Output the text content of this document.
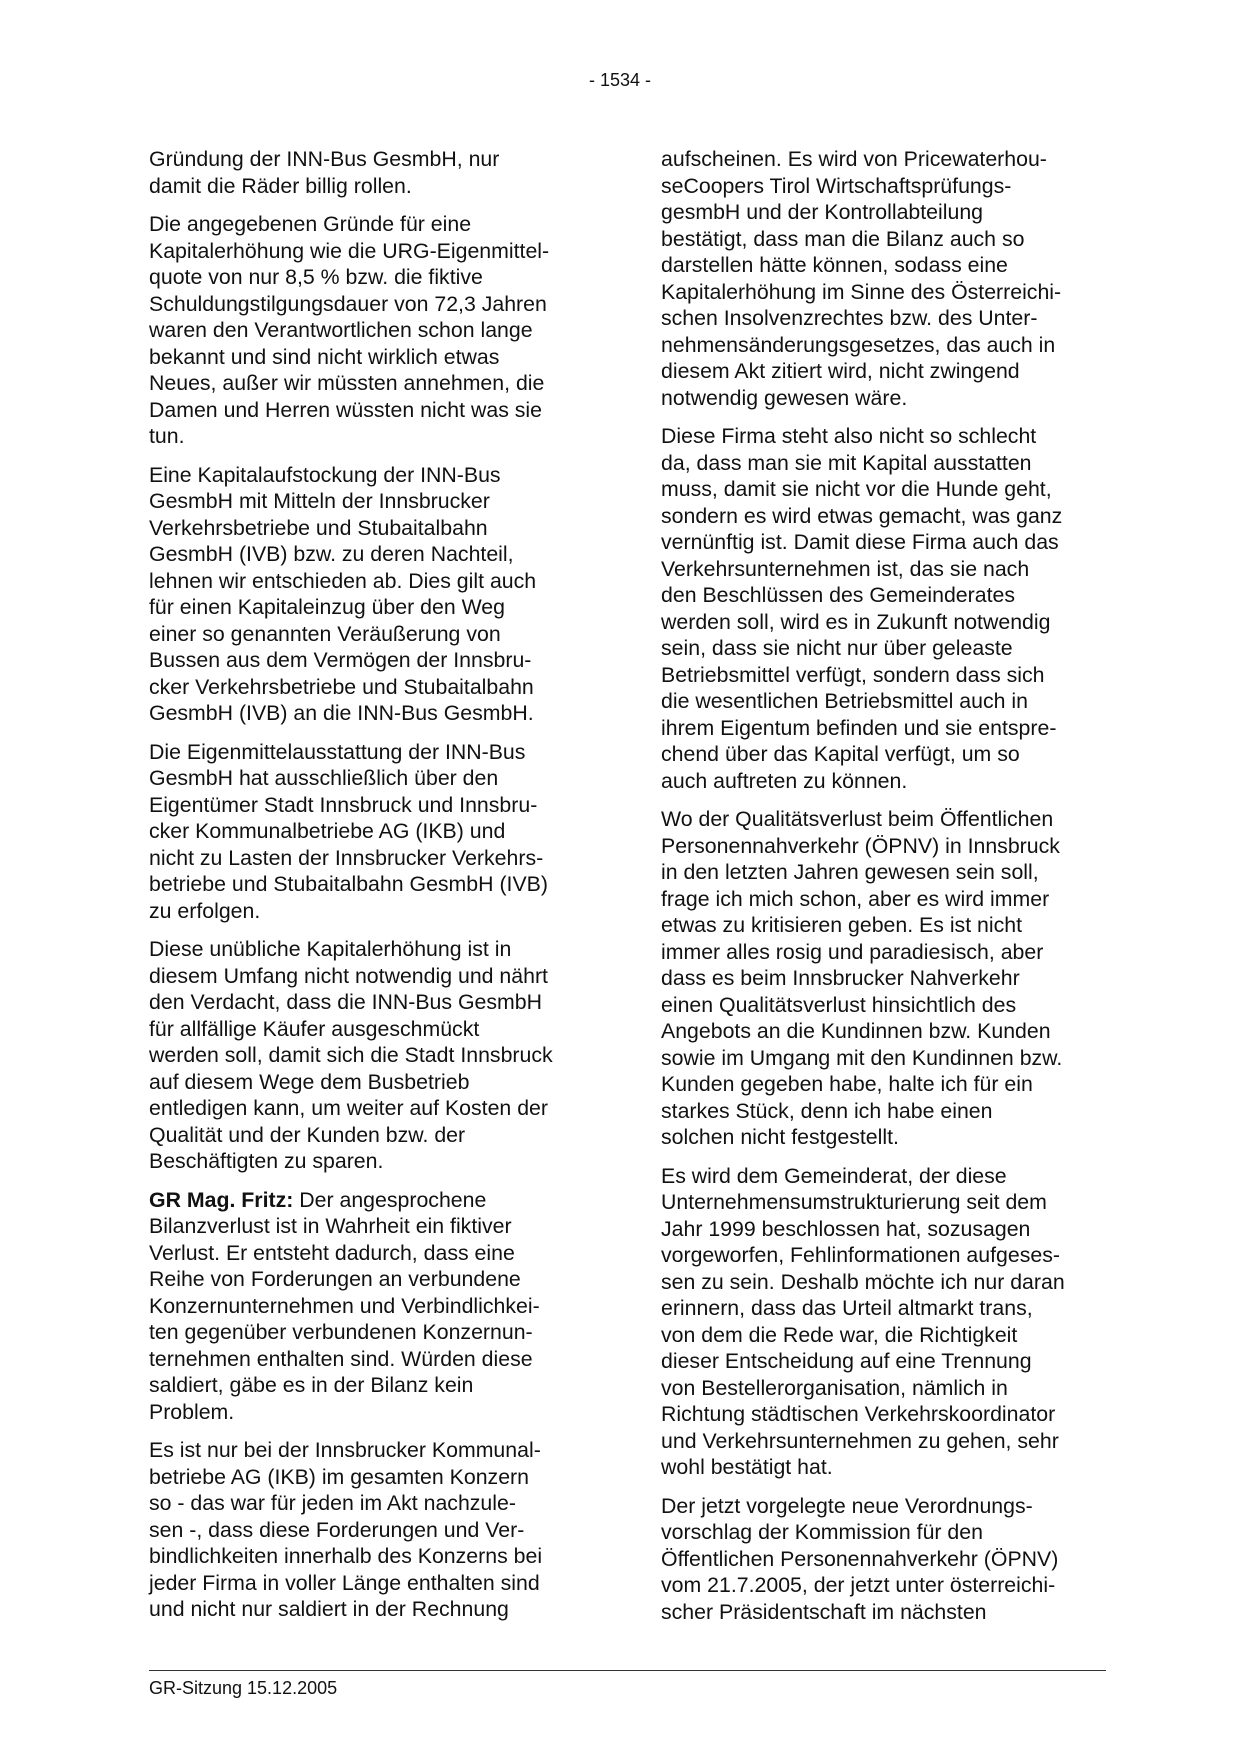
- 1534 -

Gründung der INN-Bus GesmbH, nur
damit die Räder billig rollen.

Die angegebenen Gründe für eine
Kapitalerhöhung wie die URG-Eigenmittel-
quote von nur 8,5 % bzw. die fiktive
Schuldungstilgungsdauer von 72,3 Jahren
waren den Verantwortlichen schon lange
bekannt und sind nicht wirklich etwas
Neues, außer wir müssten annehmen, die
Damen und Herren wüssten nicht was sie
tun.

Eine Kapitalaufstockung der INN-Bus
GesmbH mit Mitteln der Innsbrucker
Verkehrsbetriebe und Stubaitalbahn
GesmbH (IVB) bzw. zu deren Nachteil,
lehnen wir entschieden ab. Dies gilt auch
für einen Kapitaleinzug über den Weg
einer so genannten Veräußerung von
Bussen aus dem Vermögen der Innsbru-
cker Verkehrsbetriebe und Stubaitalbahn
GesmbH (IVB) an die INN-Bus GesmbH.

Die Eigenmittelausstattung der INN-Bus
GesmbH hat ausschließlich über den
Eigentümer Stadt Innsbruck und Innsbru-
cker Kommunalbetriebe AG (IKB) und
nicht zu Lasten der Innsbrucker Verkehrs-
betriebe und Stubaitalbahn GesmbH (IVB)
zu erfolgen.

Diese unübliche Kapitalerhöhung ist in
diesem Umfang nicht notwendig und nährt
den Verdacht, dass die INN-Bus GesmbH
für allfällige Käufer ausgeschmückt
werden soll, damit sich die Stadt Innsbruck
auf diesem Wege dem Busbetrieb
entledigen kann, um weiter auf Kosten der
Qualität und der Kunden bzw. der
Beschäftigten zu sparen.

GR Mag. Fritz: Der angesprochene
Bilanzverlust ist in Wahrheit ein fiktiver
Verlust. Er entsteht dadurch, dass eine
Reihe von Forderungen an verbundene
Konzernunternehmen und Verbindlichkei-
ten gegenüber verbundenen Konzernun-
ternehmen enthalten sind. Würden diese
saldiert, gäbe es in der Bilanz kein
Problem.

Es ist nur bei der Innsbrucker Kommunal-
betriebe AG (IKB) im gesamten Konzern
so - das war für jeden im Akt nachzule-
sen -, dass diese Forderungen und Ver-
bindlichkeiten innerhalb des Konzerns bei
jeder Firma in voller Länge enthalten sind
und nicht nur saldiert in der Rechnung

aufscheinen. Es wird von Pricewaterhou-
seCoopers Tirol Wirtschaftsprüfungs-
gesmbH und der Kontrollabteilung
bestätigt, dass man die Bilanz auch so
darstellen hätte können, sodass eine
Kapitalerhöhung im Sinne des Österreichi-
schen Insolvenzrechtes bzw. des Unter-
nehmensänderungsgesetzes, das auch in
diesem Akt zitiert wird, nicht zwingend
notwendig gewesen wäre.

Diese Firma steht also nicht so schlecht
da, dass man sie mit Kapital ausstatten
muss, damit sie nicht vor die Hunde geht,
sondern es wird etwas gemacht, was ganz
vernünftig ist. Damit diese Firma auch das
Verkehrsunternehmen ist, das sie nach
den Beschlüssen des Gemeinderates
werden soll, wird es in Zukunft notwendig
sein, dass sie nicht nur über geleaste
Betriebsmittel verfügt, sondern dass sich
die wesentlichen Betriebsmittel auch in
ihrem Eigentum befinden und sie entspre-
chend über das Kapital verfügt, um so
auch auftreten zu können.

Wo der Qualitätsverlust beim Öffentlichen
Personennahverkehr (ÖPNV) in Innsbruck
in den letzten Jahren gewesen sein soll,
frage ich mich schon, aber es wird immer
etwas zu kritisieren geben. Es ist nicht
immer alles rosig und paradiesisch, aber
dass es beim Innsbrucker Nahverkehr
einen Qualitätsverlust hinsichtlich des
Angebots an die Kundinnen bzw. Kunden
sowie im Umgang mit den Kundinnen bzw.
Kunden gegeben habe, halte ich für ein
starkes Stück, denn ich habe einen
solchen nicht festgestellt.

Es wird dem Gemeinderat, der diese
Unternehmensumstrukturierung seit dem
Jahr 1999 beschlossen hat, sozusagen
vorgeworfen, Fehlinformationen aufgeses-
sen zu sein. Deshalb möchte ich nur daran
erinnern, dass das Urteil altmarkt trans,
von dem die Rede war, die Richtigkeit
dieser Entscheidung auf eine Trennung
von Bestellerorganisation, nämlich in
Richtung städtischen Verkehrskoordinator
und Verkehrsunternehmen zu gehen, sehr
wohl bestätigt hat.

Der jetzt vorgelegte neue Verordnungs-
vorschlag der Kommission für den
Öffentlichen Personennahverkehr (ÖPNV)
vom 21.7.2005, der jetzt unter österreichi-
scher Präsidentschaft im nächsten

GR-Sitzung 15.12.2005
